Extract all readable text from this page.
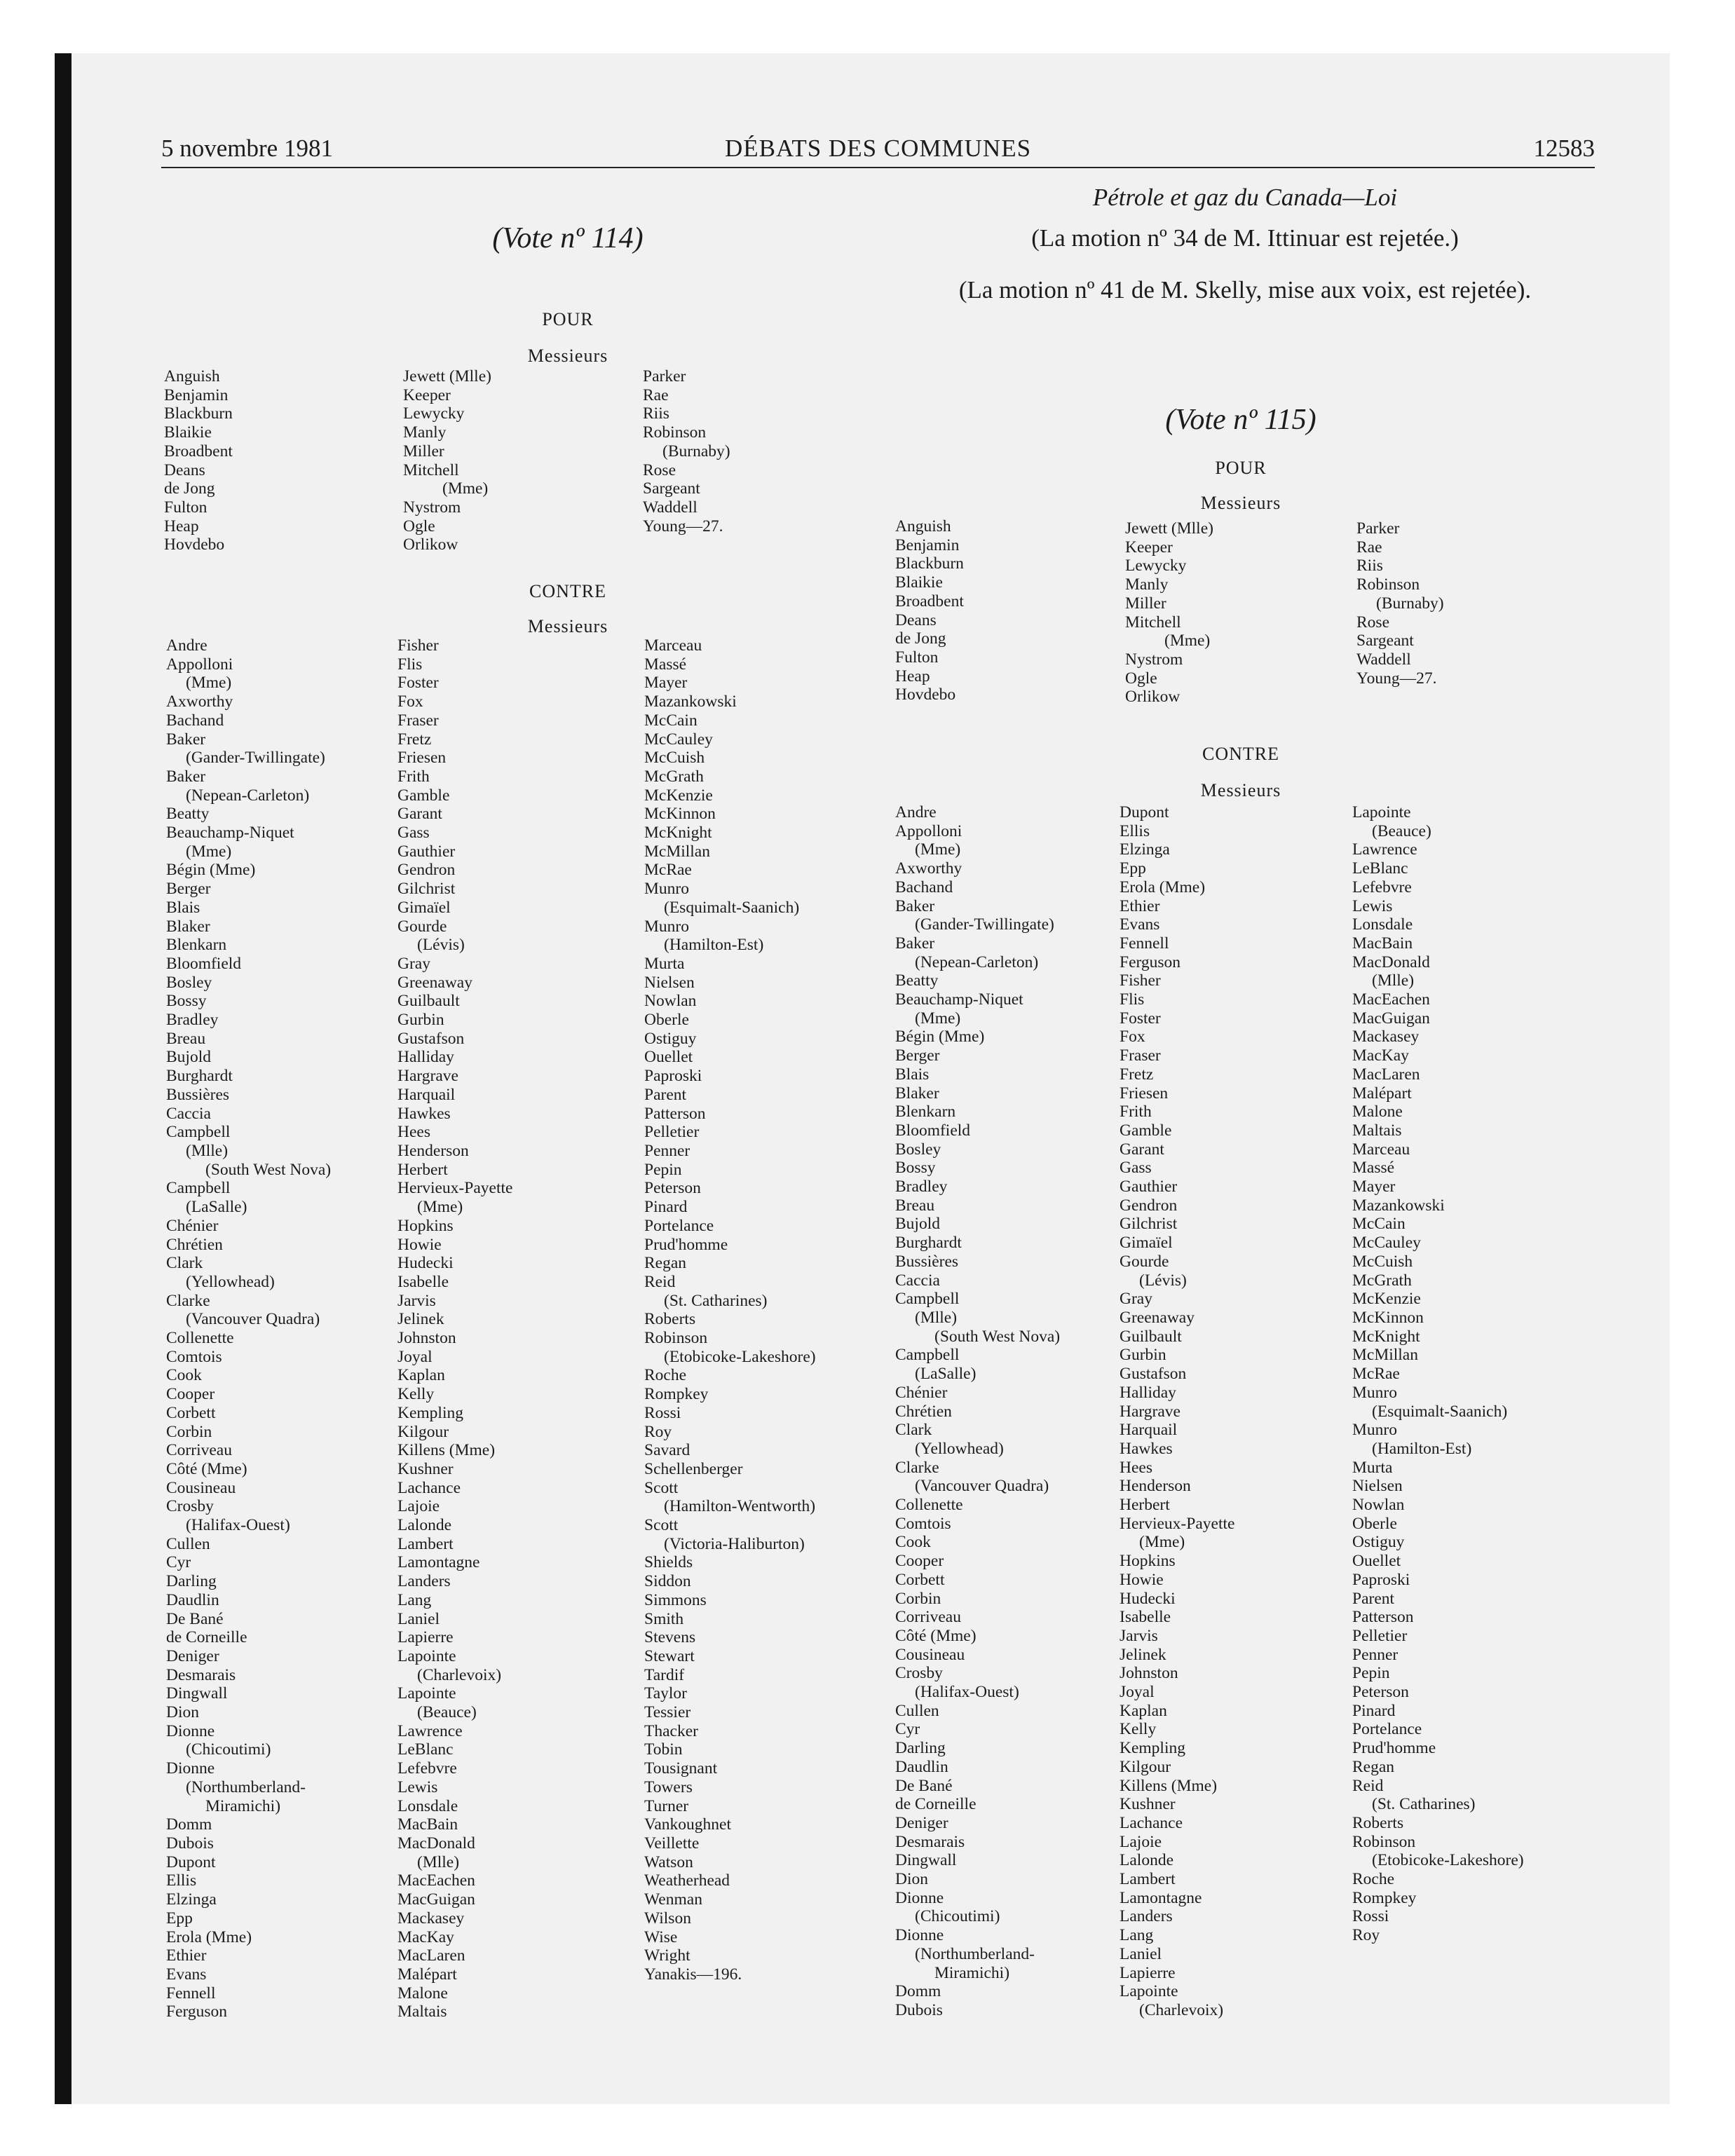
5 novembre 1981	DÉBATS DES COMMUNES	12583
Pétrole et gaz du Canada—Loi
(La motion nº 34 de M. Ittinuar est rejetée.)
(La motion nº 41 de M. Skelly, mise aux voix, est rejetée).
(Vote nº 114)
POUR
Messieurs
Anguish
Benjamin
Blackburn
Blaikie
Broadbent
Deans
de Jong
Fulton
Heap
Hovdebo
Jewett (Mlle)
Keeper
Lewycky
Manly
Miller
Mitchell
(Mme)
Nystrom
Ogle
Orlikow
Parker
Rae
Riis
Robinson
(Burnaby)
Rose
Sargeant
Waddell
Young—27.
CONTRE
Messieurs
Andre
Appolloni
(Mme)
Axworthy
Bachand
Baker
(Gander-Twillingate)
Baker
(Nepean-Carleton)
Beatty
Beauchamp-Niquet
(Mme)
Bégin (Mme)
Berger
Blais
Blaker
Blenkarn
Bloomfield
Bosley
Bossy
Bradley
Breau
Bujold
Burghardt
Bussières
Caccia
Campbell
(Mlle)
(South West Nova)
Campbell
(LaSalle)
Chénier
Chrétien
Clark
(Yellowhead)
Clarke
(Vancouver Quadra)
Collenette
Comtois
Cook
Cooper
Corbett
Corbin
Corriveau
Côté (Mme)
Cousineau
Crosby
(Halifax-Ouest)
Cullen
Cyr
Darling
Daudlin
De Bané
de Corneille
Deniger
Desmarais
Dingwall
Dion
Dionne
(Chicoutimi)
Dionne
(Northumberland-
Miramichi)
Domm
Dubois
Dupont
Ellis
Elzinga
Epp
Erola (Mme)
Ethier
Evans
Fennell
Ferguson
Fisher
Flis
Foster
Fox
Fraser
Fretz
Friesen
Frith
Gamble
Garant
Gass
Gauthier
Gendron
Gilchrist
Gimaïel
Gourde
(Lévis)
Gray
Greenaway
Guilbault
Gurbin
Gustafson
Halliday
Hargrave
Harquail
Hawkes
Hees
Henderson
Herbert
Hervieux-Payette
(Mme)
Hopkins
Howie
Hudecki
Isabelle
Jarvis
Jelinek
Johnston
Joyal
Kaplan
Kelly
Kempling
Kilgour
Killens (Mme)
Kushner
Lachance
Lajoie
Lalonde
Lambert
Lamontagne
Landers
Lang
Laniel
Lapierre
Lapointe
(Charlevoix)
Lapointe
(Beauce)
Lawrence
LeBlanc
Lefebvre
Lewis
Lonsdale
MacBain
MacDonald
(Mlle)
MacEachen
MacGuigan
Mackasey
MacKay
MacLaren
Malépart
Malone
Maltais
Marceau
Massé
Mayer
Mazankowski
McCain
McCauley
McCuish
McGrath
McKenzie
McKinnon
McKnight
McMillan
McRae
Munro
(Esquimalt-Saanich)
Munro
(Hamilton-Est)
Murta
Nielsen
Nowlan
Oberle
Ostiguy
Ouellet
Paproski
Parent
Patterson
Pelletier
Penner
Pepin
Peterson
Pinard
Portelance
Prud'homme
Regan
Reid
(St. Catharines)
Roberts
Robinson
(Etobicoke-Lakeshore)
Roche
Rompkey
Rossi
Roy
Savard
Schellenberger
Scott
(Hamilton-Wentworth)
Scott
(Victoria-Haliburton)
Shields
Siddon
Simmons
Smith
Stevens
Stewart
Tardif
Taylor
Tessier
Thacker
Tobin
Tousignant
Towers
Turner
Vankoughnet
Veillette
Watson
Weatherhead
Wenman
Wilson
Wise
Wright
Yanakis—196.
(Vote nº 115)
POUR
Messieurs
Anguish
Benjamin
Blackburn
Blaikie
Broadbent
Deans
de Jong
Fulton
Heap
Hovdebo
Jewett (Mlle)
Keeper
Lewycky
Manly
Miller
Mitchell
(Mme)
Nystrom
Ogle
Orlikow
Parker
Rae
Riis
Robinson
(Burnaby)
Rose
Sargeant
Waddell
Young—27.
CONTRE
Messieurs
Andre
Appolloni
(Mme)
Axworthy
Bachand
Baker
(Gander-Twillingate)
Baker
(Nepean-Carleton)
Beatty
Beauchamp-Niquet
(Mme)
Bégin (Mme)
Berger
Blais
Blaker
Blenkarn
Bloomfield
Bosley
Bossy
Bradley
Breau
Bujold
Burghardt
Bussières
Caccia
Campbell
(Mlle)
(South West Nova)
Campbell
(LaSalle)
Chénier
Chrétien
Clark
(Yellowhead)
Clarke
(Vancouver Quadra)
Collenette
Comtois
Cook
Cooper
Corbett
Corbin
Corriveau
Côté (Mme)
Cousineau
Crosby
(Halifax-Ouest)
Cullen
Cyr
Darling
Daudlin
De Bané
de Corneille
Deniger
Desmarais
Dingwall
Dion
Dionne
(Chicoutimi)
Dionne
(Northumberland-
Miramichi)
Domm
Dubois
Dupont
Ellis
Elzinga
Epp
Erola (Mme)
Ethier
Evans
Fennell
Ferguson
Fisher
Flis
Foster
Fox
Fraser
Fretz
Friesen
Frith
Gamble
Garant
Gass
Gauthier
Gendron
Gilchrist
Gimaïel
Gourde
(Lévis)
Gray
Greenaway
Guilbault
Gurbin
Gustafson
Halliday
Hargrave
Harquail
Hawkes
Hees
Henderson
Herbert
Hervieux-Payette
(Mme)
Hopkins
Howie
Hudecki
Isabelle
Jarvis
Jelinek
Johnston
Joyal
Kaplan
Kelly
Kempling
Kilgour
Killens (Mme)
Kushner
Lachance
Lajoie
Lalonde
Lambert
Lamontagne
Landers
Lang
Laniel
Lapierre
Lapointe
(Charlevoix)
Lapointe
(Beauce)
Lawrence
LeBlanc
Lefebvre
Lewis
Lonsdale
MacBain
MacDonald
(Mlle)
MacEachen
MacGuigan
Mackasey
MacKay
MacLaren
Malépart
Malone
Maltais
Marceau
Massé
Mayer
Mazankowski
McCain
McCauley
McCuish
McGrath
McKenzie
McKinnon
McKnight
McMillan
McRae
Munro
(Esquimalt-Saanich)
Munro
(Hamilton-Est)
Murta
Nielsen
Nowlan
Oberle
Ostiguy
Ouellet
Paproski
Parent
Patterson
Pelletier
Penner
Pepin
Peterson
Pinard
Portelance
Prud'homme
Regan
Reid
(St. Catharines)
Roberts
Robinson
(Etobicoke-Lakeshore)
Roche
Rompkey
Rossi
Roy
